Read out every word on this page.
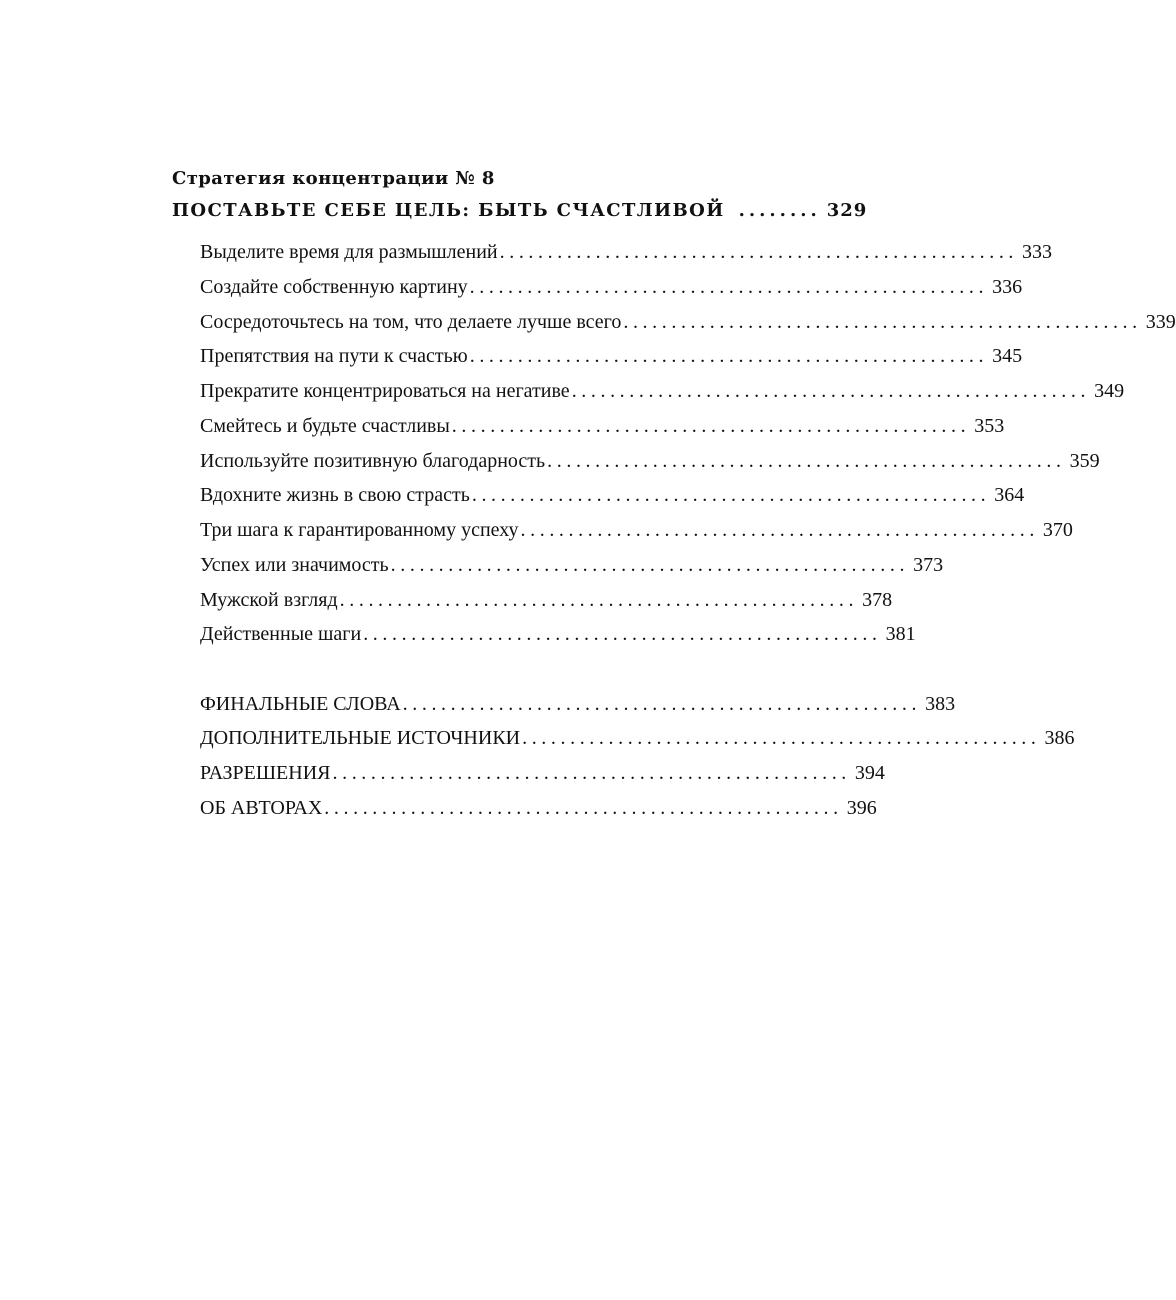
Стратегия концентрации № 8
ПОСТАВЬТЕ СЕБЕ ЦЕЛЬ: БЫТЬ СЧАСТЛИВОЙ ........ 329
Выделите время для размышлений ...................................................... 333
Создайте собственную картину ...................................................... 336
Сосредоточьтесь на том, что делаете лучше всего ...................................................... 339
Препятствия на пути к счастью ...................................................... 345
Прекратите концентрироваться на негативе ...................................................... 349
Смейтесь и будьте счастливы ...................................................... 353
Используйте позитивную благодарность ...................................................... 359
Вдохните жизнь в свою страсть ...................................................... 364
Три шага к гарантированному успеху ...................................................... 370
Успех или значимость ...................................................... 373
Мужской взгляд ...................................................... 378
Действенные шаги ...................................................... 381
ФИНАЛЬНЫЕ СЛОВА ...................................................... 383
ДОПОЛНИТЕЛЬНЫЕ ИСТОЧНИКИ ...................................................... 386
РАЗРЕШЕНИЯ ...................................................... 394
ОБ АВТОРАХ ...................................................... 396
